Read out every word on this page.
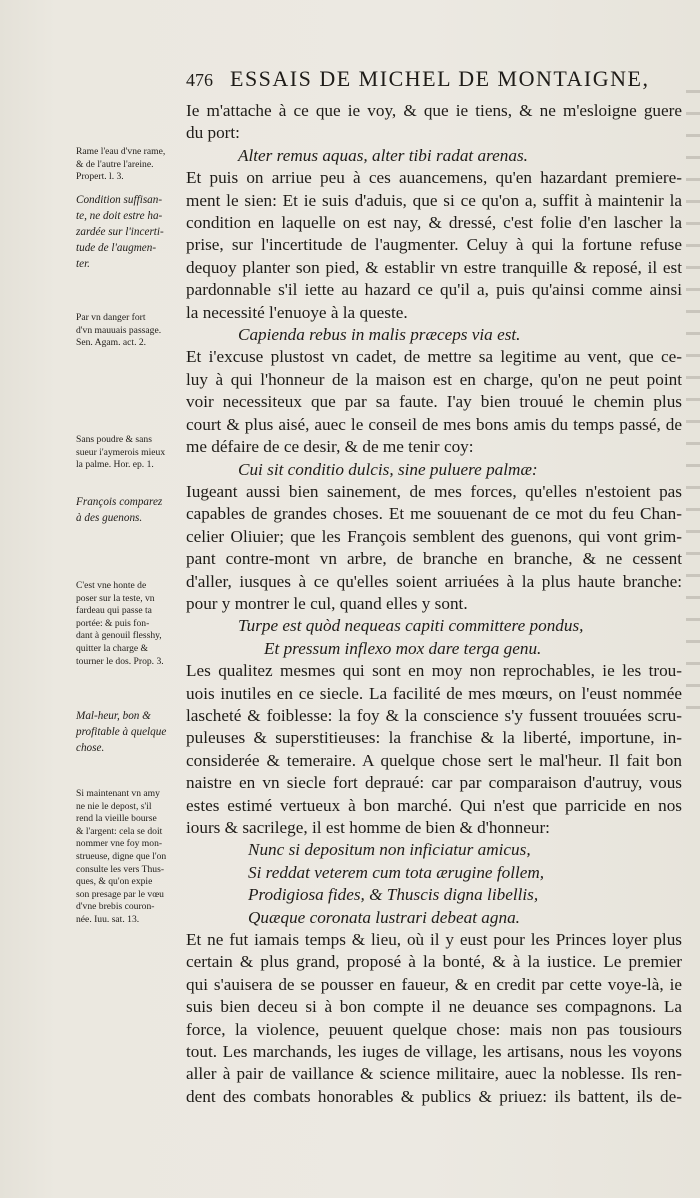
476 ESSAIS DE MICHEL DE MONTAIGNE,
Ie m'attache à ce que ie voy, & que ie tiens, & ne m'esloigne guere
du port:
Alter remus aquas, alter tibi radat arenas.
Et puis on arriue peu à ces auancemens, qu'en hazardant premiere-
ment le sien: Et ie suis d'aduis, que si ce qu'on a, suffit à maintenir la
condition en laquelle on est nay, & dressé, c'est folie d'en lascher la
prise, sur l'incertitude de l'augmenter. Celuy à qui la fortune refuse
dequoy planter son pied, & establir vn estre tranquille & reposé, il est
pardonnable s'il iette au hazard ce qu'il a, puis qu'ainsi comme ainsi
la necessité l'enuoye à la queste.
Capienda rebus in malis præceps via est.
Et i'excuse plustost vn cadet, de mettre sa legitime au vent, que ce-
luy à qui l'honneur de la maison est en charge, qu'on ne peut point
voir necessiteux que par sa faute. I'ay bien trouué le chemin plus
court & plus aisé, auec le conseil de mes bons amis du temps passé, de
me défaire de ce desir, & de me tenir coy:
Cui sit conditio dulcis, sine puluere palmæ:
Iugeant aussi bien sainement, de mes forces, qu'elles n'estoient pas
capables de grandes choses. Et me souuenant de ce mot du feu Chan-
celier Oliuier; que les François semblent des guenons, qui vont grim-
pant contre-mont vn arbre, de branche en branche, & ne cessent
d'aller, iusques à ce qu'elles soient arriuées à la plus haute branche:
pour y montrer le cul, quand elles y sont.
Turpe est quòd nequeas capiti committere pondus,
Et pressum inflexo mox dare terga genu.
Les qualitez mesmes qui sont en moy non reprochables, ie les trou-
uois inutiles en ce siecle. La facilité de mes mœurs, on l'eust nommée
lascheté & foiblesse: la foy & la conscience s'y fussent trouuées scru-
puleuses & superstitieuses: la franchise & la liberté, importune, in-
considerée & temeraire. A quelque chose sert le mal'heur. Il fait bon
naistre en vn siecle fort depraué: car par comparaison d'autruy, vous
estes estimé vertueux à bon marché. Qui n'est que parricide en nos
iours & sacrilege, il est homme de bien & d'honneur:
Nunc si depositum non inficiatur amicus,
Si reddat veterem cum tota ærugine follem,
Prodigiosa fides, & Thuscis digna libellis,
Quæque coronata lustrari debeat agna.
Et ne fut iamais temps & lieu, où il y eust pour les Princes loyer plus
certain & plus grand, proposé à la bonté, & à la iustice. Le premier
qui s'auisera de se pousser en faueur, & en credit par cette voye-là, ie
suis bien deceu si à bon compte il ne deuance ses compagnons. La
force, la violence, peuuent quelque chose: mais non pas tousiours
tout. Les marchands, les iuges de village, les artisans, nous les voyons
aller à pair de vaillance & science militaire, auec la noblesse. Ils ren-
dent des combats honorables & publics & priuez: ils battent, ils de-
Rame l'eau d'vne rame,
& de l'autre l'areine.
Propert. l. 3.
Condition suffisan-
te, ne doit estre ha-
zardée sur l'incerti-
tude de l'augmen-
ter.
Par vn danger fort
d'vn mauuais passage.
Sen. Agam. act. 2.
Sans poudre & sans
sueur i'aymerois mieux
la palme. Hor. ep. 1.
François comparez
à des guenons.
C'est vne honte de
poser sur la teste, vn
fardeau qui passe ta
portée: & puis fon-
dant à genouil flesshy,
quitter la charge &
tourner le dos. Prop. 3.
Mal-heur, bon &
profitable à quelque
chose.
Si maintenant vn amy
ne nie le depost, s'il
rend la vieille bourse
& l'argent: cela se doit
nommer vne foy mon-
strueuse, digne que l'on
consulte les vers Thus-
ques, & qu'on expie
son presage par le vœu
d'vne brebis couron-
née. Iuu. sat. 13.
